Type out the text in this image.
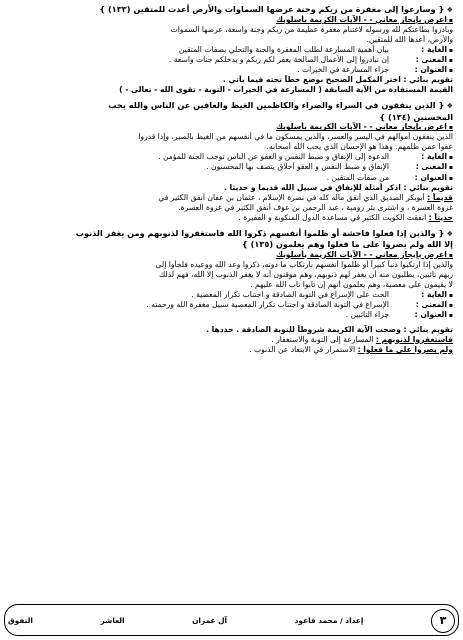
❖ { وسارعوا إلى مغفرة من ربكم وجنة عرضها السماوات والأرض أعدت للمتقين (١٣٣) }

▪ اعرض بإيجاز معاني - - الآيات الكريمة بأسلوبك

وبادروا بطاعتكم لله ورسوله لاغتنام مغفرة عظيمة من ربكم وجنة واسعة، عرضها السموات

والأرض، أعدها الله للمتقين.

▪ الغاية :بيان أهمية المسارعة لطلب المغفرة والجنة والتحلي بصفات المتقين

▪ المعنى :إن تبادروا إلى الأعمال الصالحة يغفر لكم ربكم و يدخلكم جنات واسعة .

▪ العنوان :جزاء المسارعة في الخيرات .

تقويم بنائي : اختر المكمل الصحيح بوضع خطاً تحته فيما يأتي .

القيمة المستفادة من الآية السابقة ( المسارعة في الخيرات - التوبة - تقوى الله - تعالى - )

❖ { الذين ينفقون في السراء والضراء والكاظمين الغيظ والعافين عن الناس والله يحب

المحسنين (١٣٤) }

▪ اعرض بإيجاز معاني - - الآيات الكريمة بأسلوبك

الذين ينفقون أموالهم في اليسر والعسر، والذين يمسكون ما في أنفسهم من الغيظ بالصبر، وإذا قدروا

عفوا عمن ظلمهم. وهذا هو الإحسان الذي يحب الله أصحابه.

▪ الغاية :الدعوة إلى الإنفاق و ضبط النفس و العفو عن الناس توجب الجنة للمؤمن .

▪ المعنى :الإنفاق و ضبط النفس و العفو أخلاق يتصف بها المحسنون .

▪ العنوان :من صفات المتقين .

تقويم بنائي : اذكر أمثلة للإنفاق في سبيل الله قديما و حديثا .

قديماً : أبوبكر الصديق الذي أنفق ماله كله في نصرة الإسلام ، عثمان بن عفان أنفق الكثير في

غزوة العسرة ، و اشترى بئر رومية ، عبد الرحمن بن عوف أنفق الكثير في غزوة العسرة.

حديثاً : انفقت الكويت الكثير في مساعدة الدول المنكوبة و الفقيرة .

❖ { والذين إذا فعلوا فاحشة أو ظلموا أنفسهم ذكروا الله فاستغفروا لذنوبهم ومن يغفر الذنوب

إلا الله ولم يصروا على ما فعلوا وهم يعلمون (١٣٥) }

▪ اعرض بإيجاز معاني - - الآيات الكريمة بأسلوبك

والذين إذا ارتكبوا ذنباً كبيراً أو ظلموا أنفسهم بارتكاب ما دونه، ذكروا وعد الله ووعيده فلجأوا إلى

ربهم تائبين، يطلبون منه أن يغفر لهم ذنوبهم، وهم موقنون أنه لا يغفر الذنوب إلا الله، فهم لذلك

لا يقيمون على معصية، وهم يعلمون أنهم إن تابوا تاب الله عليهم .

▪ الغاية :الحث على الإسراع في التوبة الصادقة و اجتناب تكرار المعصية .

▪ المعنى :الإسراع في التوبة الصادقة و اجتناب تكرار المعصية سبيل مغفرة الله ورحمته .

▪ العنوان :جزاء التائبين .

تقويم بنائي : وضحت الآية الكريمة شروطاً للتوبة الصادقة . حددها .

فاستغفروا لذنوبهم : المسارعة إلى التوبة والاستغفار .

ولم يصروا على ما فعلوا : الاستمرار في الابتعاد عن الذنوب .

التفوق	العاشر	آل عمران	إعداد / محمد قاعود	٣
